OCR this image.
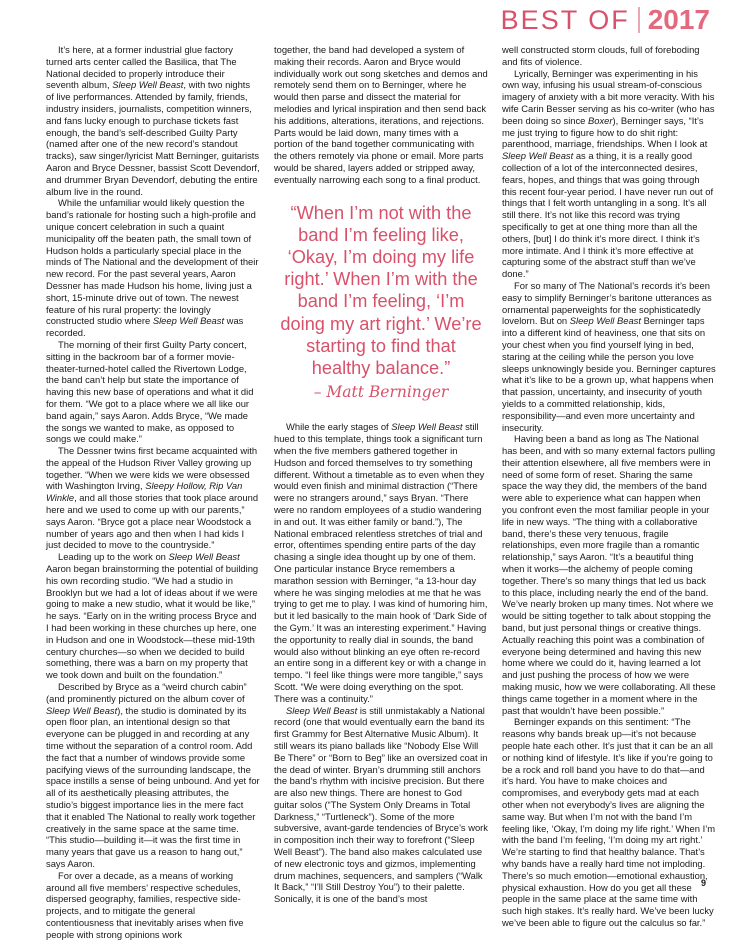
BEST OF 2017

It’s here, at a former industrial glue factory turned arts center called the Basilica, that The National decided to properly introduce their seventh album, Sleep Well Beast, with two nights of live performances. Attended by family, friends, industry insiders, journalists, competition winners, and fans lucky enough to purchase tickets fast enough, the band’s self-described Guilty Party (named after one of the new record’s standout tracks), saw singer/lyricist Matt Berninger, guitarists Aaron and Bryce Dessner, bassist Scott Devendorf, and drummer Bryan Devendorf, debuting the entire album live in the round.

While the unfamiliar would likely question the band’s rationale for hosting such a high-profile and unique concert celebration in such a quaint municipality off the beaten path, the small town of Hudson holds a particularly special place in the minds of The National and the development of their new record. For the past several years, Aaron Dessner has made Hudson his home, living just a short, 15-minute drive out of town. The newest feature of his rural property: the lovingly constructed studio where Sleep Well Beast was recorded.

The morning of their first Guilty Party concert, sitting in the backroom bar of a former movie-theater-turned-hotel called the Rivertown Lodge, the band can’t help but state the importance of having this new base of operations and what it did for them. “We got to a place where we all like our band again,” says Aaron. Adds Bryce, “We made the songs we wanted to make, as opposed to songs we could make.”

The Dessner twins first became acquainted with the appeal of the Hudson River Valley growing up together. “When we were kids we were obsessed with Washington Irving, Sleepy Hollow, Rip Van Winkle, and all those stories that took place around here and we used to come up with our parents,” says Aaron. “Bryce got a place near Woodstock a number of years ago and then when I had kids I just decided to move to the countryside.”

Leading up to the work on Sleep Well Beast Aaron began brainstorming the potential of building his own recording studio. “We had a studio in Brooklyn but we had a lot of ideas about if we were going to make a new studio, what it would be like,” he says. “Early on in the writing process Bryce and I had been working in these churches up here, one in Hudson and one in Woodstock—these mid-19th century churches—so when we decided to build something, there was a barn on my property that we took down and built on the foundation.”

Described by Bryce as a “weird church cabin” (and prominently pictured on the album cover of Sleep Well Beast), the studio is dominated by its open floor plan, an intentional design so that everyone can be plugged in and recording at any time without the separation of a control room. Add the fact that a number of windows provide some pacifying views of the surrounding landscape, the space instills a sense of being unbound. And yet for all of its aesthetically pleasing attributes, the studio’s biggest importance lies in the mere fact that it enabled The National to really work together creatively in the same space at the same time. “This studio—building it—it was the first time in many years that gave us a reason to hang out,” says Aaron.

For over a decade, as a means of working around all five members’ respective schedules, dispersed geography, families, respective side-projects, and to mitigate the general contentiousness that inevitably arises when five people with strong opinions work

together, the band had developed a system of making their records. Aaron and Bryce would individually work out song sketches and demos and remotely send them on to Berninger, where he would then parse and dissect the material for melodies and lyrical inspiration and then send back his additions, alterations, iterations, and rejections. Parts would be laid down, many times with a portion of the band together communicating with the others remotely via phone or email. More parts would be shared, layers added or stripped away, eventually narrowing each song to a final product.

“When I’m not with the band I’m feeling like, ‘Okay, I’m doing my life right.’ When I’m with the band I’m feeling, ‘I’m doing my art right.’ We’re starting to find that healthy balance.”
– Matt Berninger

While the early stages of Sleep Well Beast still hued to this template, things took a significant turn when the five members gathered together in Hudson and forced themselves to try something different. Without a timetable as to even when they would even finish and minimal distraction (“There were no strangers around,” says Bryan. “There were no random employees of a studio wandering in and out. It was either family or band.”), The National embraced relentless stretches of trial and error, oftentimes spending entire parts of the day chasing a single idea thought up by one of them. One particular instance Bryce remembers a marathon session with Berninger, “a 13-hour day where he was singing melodies at me that he was trying to get me to play. I was kind of humoring him, but it led basically to the main hook of ‘Dark Side of the Gym.’ It was an interesting experiment.” Having the opportunity to really dial in sounds, the band would also without blinking an eye often re-record an entire song in a different key or with a change in tempo. “I feel like things were more tangible,” says Scott. “We were doing everything on the spot. There was a continuity.”

Sleep Well Beast is still unmistakably a National record (one that would eventually earn the band its first Grammy for Best Alternative Music Album). It still wears its piano ballads like “Nobody Else Will Be There” or “Born to Beg” like an oversized coat in the dead of winter. Bryan’s drumming still anchors the band’s rhythm with incisive precision. But there are also new things. There are honest to God guitar solos (“The System Only Dreams in Total Darkness,” “Turtleneck”). Some of the more subversive, avant-garde tendencies of Bryce’s work in composition inch their way to forefront (“Sleep Well Beast”). The band also makes calculated use of new electronic toys and gizmos, implementing drum machines, sequencers, and samplers (“Walk It Back,” “I’ll Still Destroy You”) to their palette. Sonically, it is one of the band’s most

well constructed storm clouds, full of foreboding and fits of violence.

Lyrically, Berninger was experimenting in his own way, infusing his usual stream-of-conscious imagery of anxiety with a bit more veracity. With his wife Carin Besser serving as his co-writer (who has been doing so since Boxer), Berninger says, “It’s me just trying to figure how to do shit right: parenthood, marriage, friendships. When I look at Sleep Well Beast as a thing, it is a really good collection of a lot of the interconnected desires, fears, hopes, and things that was going through this recent four-year period. I have never run out of things that I felt worth untangling in a song. It’s all still there. It’s not like this record was trying specifically to get at one thing more than all the others, [but] I do think it’s more direct. I think it’s more intimate. And I think it’s more effective at capturing some of the abstract stuff than we’ve done.”

For so many of The National’s records it’s been easy to simplify Berninger’s baritone utterances as ornamental paperweights for the sophisticatedly lovelorn. But on Sleep Well Beast Berninger taps into a different kind of heaviness, one that sits on your chest when you find yourself lying in bed, staring at the ceiling while the person you love sleeps unknowingly beside you. Berninger captures what it’s like to be a grown up, what happens when that passion, uncertainty, and insecurity of youth yields to a committed relationship, kids, responsibility—and even more uncertainty and insecurity.

Having been a band as long as The National has been, and with so many external factors pulling their attention elsewhere, all five members were in need of some form of reset. Sharing the same space the way they did, the members of the band were able to experience what can happen when you confront even the most familiar people in your life in new ways. “The thing with a collaborative band, there’s these very tenuous, fragile relationships, even more fragile than a romantic relationship,” says Aaron. “It’s a beautiful thing when it works—the alchemy of people coming together. There’s so many things that led us back to this place, including nearly the end of the band. We’ve nearly broken up many times. Not where we would be sitting together to talk about stopping the band, but just personal things or creative things. Actually reaching this point was a combination of everyone being determined and having this new home where we could do it, having learned a lot and just pushing the process of how we were making music, how we were collaborating. All these things came together in a moment where in the past that wouldn’t have been possible.”

Berninger expands on this sentiment: “The reasons why bands break up—it’s not because people hate each other. It’s just that it can be an all or nothing kind of lifestyle. It’s like if you’re going to be a rock and roll band you have to do that—and it’s hard. You have to make choices and compromises, and everybody gets mad at each other when not everybody’s lives are aligning the same way. But when I’m not with the band I’m feeling like, ‘Okay, I’m doing my life right.’ When I’m with the band I’m feeling, ‘I’m doing my art right.’ We’re starting to find that healthy balance. That’s why bands have a really hard time not imploding. There’s so much emotion—emotional exhaustion, physical exhaustion. How do you get all these people in the same place at the same time with such high stakes. It’s really hard. We’ve been lucky we’ve been able to figure out the calculus so far.”

9
